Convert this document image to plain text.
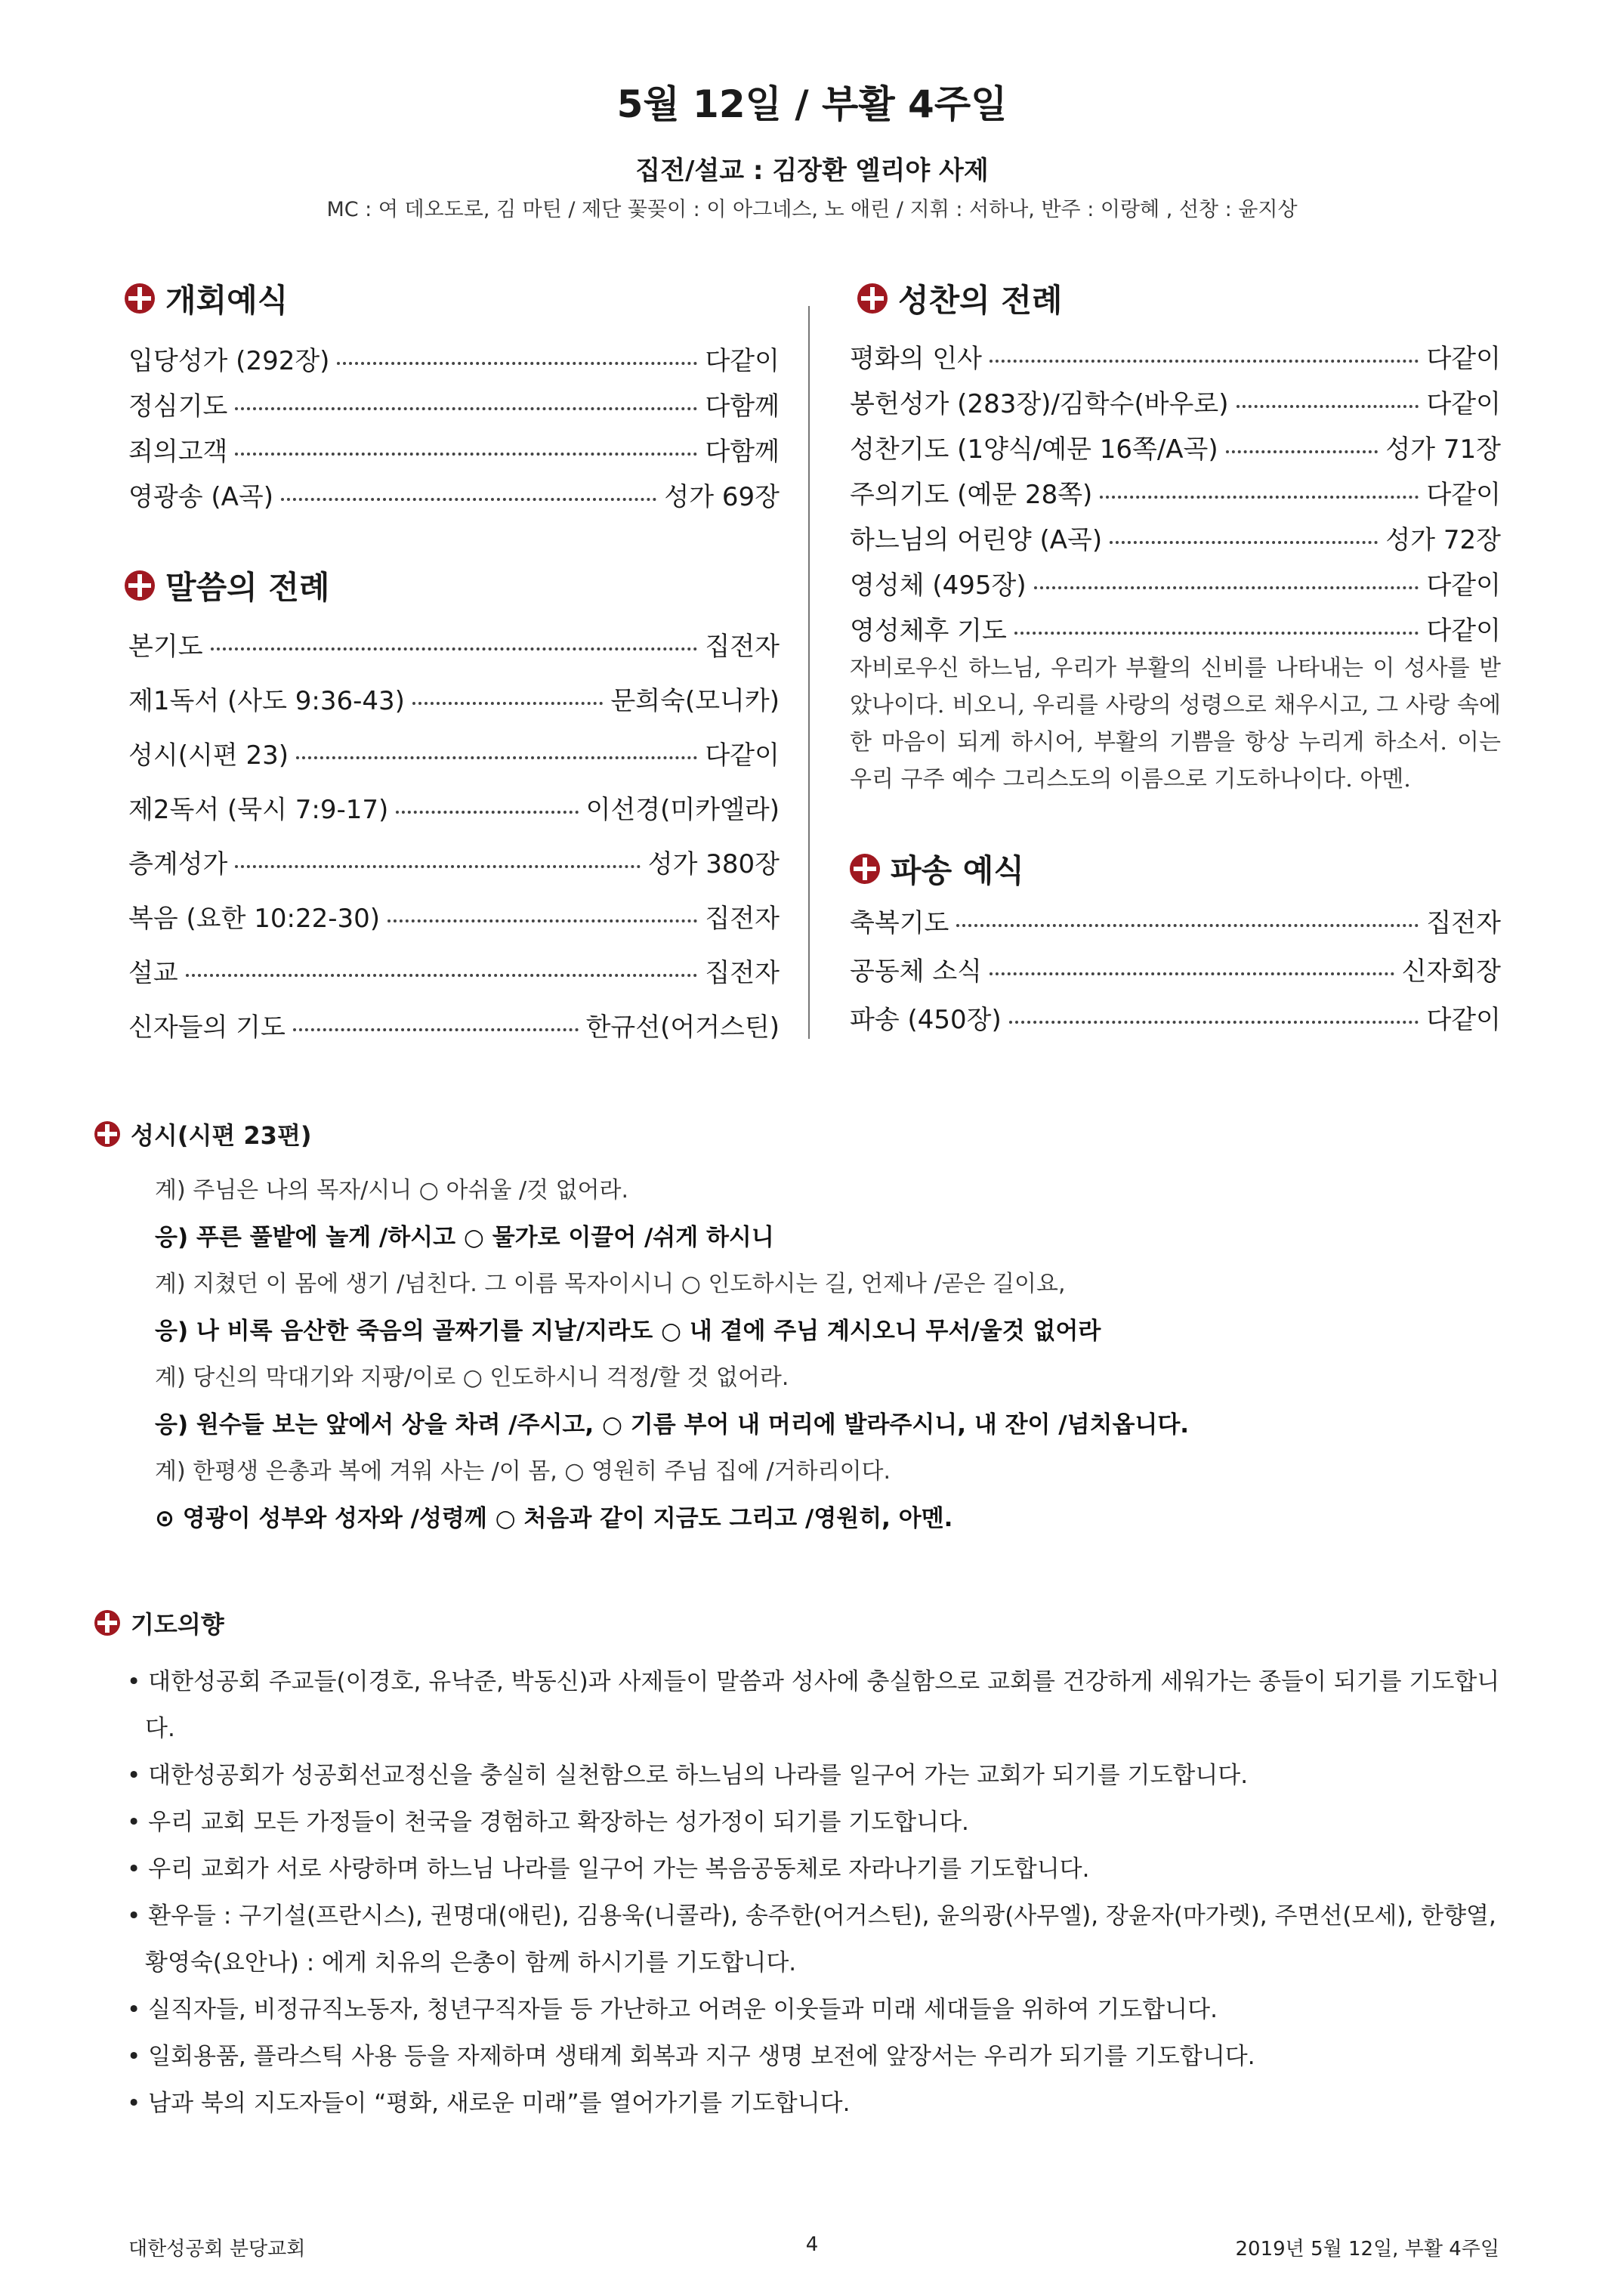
5월 12일 / 부활 4주일
집전/설교 : 김장환 엘리야 사제
MC : 여 데오도로, 김 마틴 / 제단 꽃꽂이 : 이 아그네스, 노 애린 / 지휘 : 서하나, 반주 : 이랑혜 , 선창 : 윤지상
개회예식
입당성가 (292장)	다같이
정심기도	다함께
죄의고객	다함께
영광송 (A곡)	성가 69장
말씀의 전례
본기도	집전자
제1독서 (사도 9:36-43)	문희숙(모니카)
성시(시편 23)	다같이
제2독서 (묵시 7:9-17)	이선경(미카엘라)
층계성가	성가 380장
복음 (요한 10:22-30)	집전자
설교	집전자
신자들의 기도	한규선(어거스틴)
성찬의 전례
평화의 인사	다같이
봉헌성가 (283장)/김학수(바우로)	다같이
성찬기도 (1양식/예문 16쪽/A곡)	성가 71장
주의기도 (예문 28쪽)	다같이
하느님의 어린양 (A곡)	성가 72장
영성체 (495장)	다같이
영성체후 기도	다같이
자비로우신 하느님, 우리가 부활의 신비를 나타내는 이 성사를 받았나이다. 비오니, 우리를 사랑의 성령으로 채우시고, 그 사랑 속에 한 마음이 되게 하시어, 부활의 기쁨을 항상 누리게 하소서. 이는 우리 구주 예수 그리스도의 이름으로 기도하나이다. 아멘.
파송 예식
축복기도	집전자
공동체 소식	신자회장
파송 (450장)	다같이
성시(시편 23편)
계) 주님은 나의 목자/시니 ○ 아쉬울 /것 없어라.
응) 푸른 풀밭에 놀게 /하시고 ○ 물가로 이끌어 /쉬게 하시니
계) 지쳤던 이 몸에 생기 /넘친다. 그 이름 목자이시니 ○ 인도하시는 길, 언제나 /곧은 길이요,
응) 나 비록 음산한 죽음의 골짜기를 지날/지라도 ○ 내 곁에 주님 계시오니 무서/울것 없어라
계) 당신의 막대기와 지팡/이로 ○ 인도하시니 걱정/할 것 없어라.
응) 원수들 보는 앞에서 상을 차려 /주시고, ○ 기름 부어 내 머리에 발라주시니, 내 잔이 /넘치옵니다.
계) 한평생 은총과 복에 겨워 사는 /이 몸, ○ 영원히 주님 집에 /거하리이다.
⊙ 영광이 성부와 성자와 /성령께 ○ 처음과 같이 지금도 그리고 /영원히, 아멘.
기도의향
• 대한성공회 주교들(이경호, 유낙준, 박동신)과 사제들이 말씀과 성사에 충실함으로 교회를 건강하게 세워가는 종들이 되기를 기도합니다.
• 대한성공회가 성공회선교정신을 충실히 실천함으로 하느님의 나라를 일구어 가는 교회가 되기를 기도합니다.
• 우리 교회 모든 가정들이 천국을 경험하고 확장하는 성가정이 되기를 기도합니다.
• 우리 교회가 서로 사랑하며 하느님 나라를 일구어 가는 복음공동체로 자라나기를 기도합니다.
• 환우들 : 구기설(프란시스), 권명대(애린), 김용욱(니콜라), 송주한(어거스틴), 윤의광(사무엘), 장윤자(마가렛), 주면선(모세), 한향열, 황영숙(요안나) : 에게 치유의 은총이 함께 하시기를 기도합니다.
• 실직자들, 비정규직노동자, 청년구직자들 등 가난하고 어려운 이웃들과 미래 세대들을 위하여 기도합니다.
• 일회용품, 플라스틱 사용 등을 자제하며 생태계 회복과 지구 생명 보전에 앞장서는 우리가 되기를 기도합니다.
• 남과 북의 지도자들이 “평화, 새로운 미래”를 열어가기를 기도합니다.
대한성공회 분당교회	4	2019년 5월 12일, 부활 4주일
